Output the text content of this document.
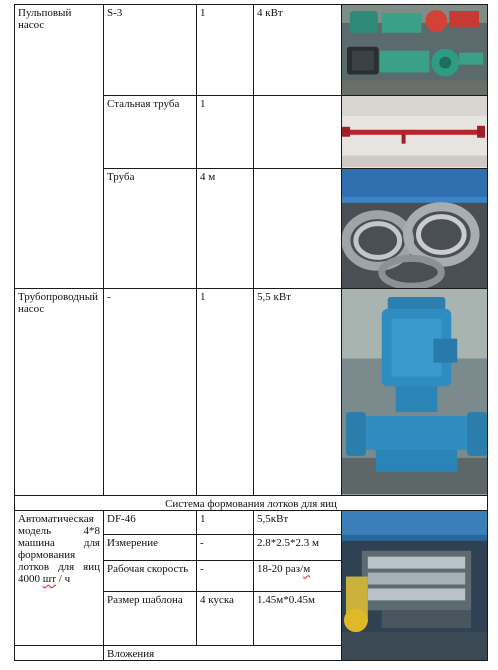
Пульповый насос	S-3	1	4 кВт	

	Стальная труба	1		

	Труба	4 м		

Трубопроводный насос	-	1	5,5 кВт	

Система формования лотков для яиц				
Автоматическая модель 4*8 машина для формования лотков для яиц 4000 шт / ч	DF-46	1	5,5кВт	

	Измерение	-	2.8*2.5*2.3 м	
	Рабочая скорость	-	18-20 раз/м	
	Размер шаблона	4 куска	1.45м*0.45м	
	Вложения			
